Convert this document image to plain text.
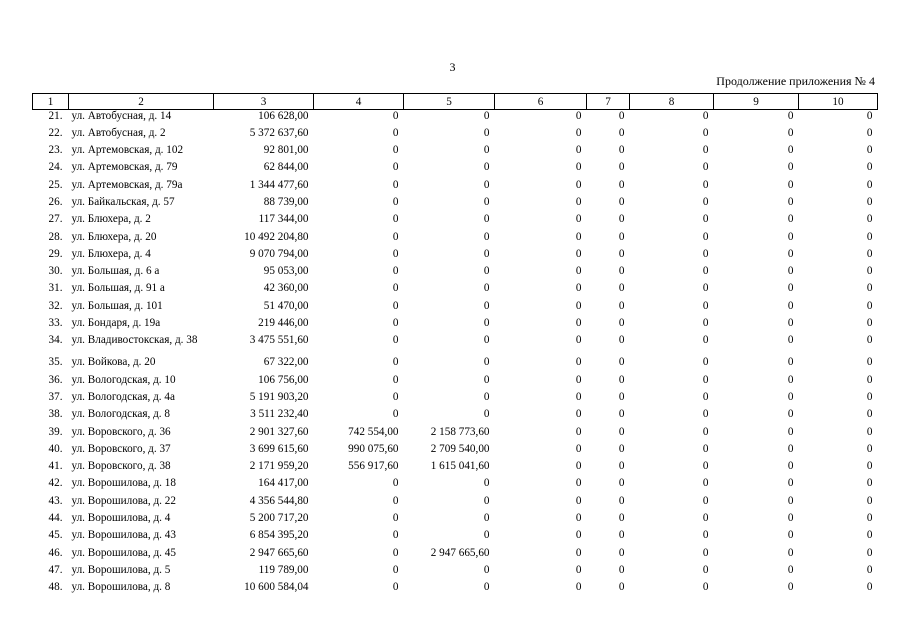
3
Продолжение приложения № 4
1	2	3	4	5	6	7	8	9	10
21.	ул. Автобусная, д. 14	106 628,00	0	0	0	0	0	0	0
22.	ул. Автобусная, д. 2	5 372 637,60	0	0	0	0	0	0	0
23.	ул. Артемовская, д. 102	92 801,00	0	0	0	0	0	0	0
24.	ул. Артемовская, д. 79	62 844,00	0	0	0	0	0	0	0
25.	ул. Артемовская, д. 79а	1 344 477,60	0	0	0	0	0	0	0
26.	ул. Байкальская, д. 57	88 739,00	0	0	0	0	0	0	0
27.	ул. Блюхера, д. 2	117 344,00	0	0	0	0	0	0	0
28.	ул. Блюхера, д. 20	10 492 204,80	0	0	0	0	0	0	0
29.	ул. Блюхера, д. 4	9 070 794,00	0	0	0	0	0	0	0
30.	ул. Большая, д. 6 а	95 053,00	0	0	0	0	0	0	0
31.	ул. Большая, д. 91 а	42 360,00	0	0	0	0	0	0	0
32.	ул. Большая, д. 101	51 470,00	0	0	0	0	0	0	0
33.	ул. Бондаря, д. 19а	219 446,00	0	0	0	0	0	0	0
34.	ул. Владивостокская, д. 38	3 475 551,60	0	0	0	0	0	0	0
35.	ул. Войкова, д. 20	67 322,00	0	0	0	0	0	0	0
36.	ул. Вологодская, д. 10	106 756,00	0	0	0	0	0	0	0
37.	ул. Вологодская, д. 4а	5 191 903,20	0	0	0	0	0	0	0
38.	ул. Вологодская, д. 8	3 511 232,40	0	0	0	0	0	0	0
39.	ул. Воровского, д. 36	2 901 327,60	742 554,00	2 158 773,60	0	0	0	0	0
40.	ул. Воровского, д. 37	3 699 615,60	990 075,60	2 709 540,00	0	0	0	0	0
41.	ул. Воровского, д. 38	2 171 959,20	556 917,60	1 615 041,60	0	0	0	0	0
42.	ул. Ворошилова, д. 18	164 417,00	0	0	0	0	0	0	0
43.	ул. Ворошилова, д. 22	4 356 544,80	0	0	0	0	0	0	0
44.	ул. Ворошилова, д. 4	5 200 717,20	0	0	0	0	0	0	0
45.	ул. Ворошилова, д. 43	6 854 395,20	0	0	0	0	0	0	0
46.	ул. Ворошилова, д. 45	2 947 665,60	0	2 947 665,60	0	0	0	0	0
47.	ул. Ворошилова, д. 5	119 789,00	0	0	0	0	0	0	0
48.	ул. Ворошилова, д. 8	10 600 584,04	0	0	0	0	0	0	0
